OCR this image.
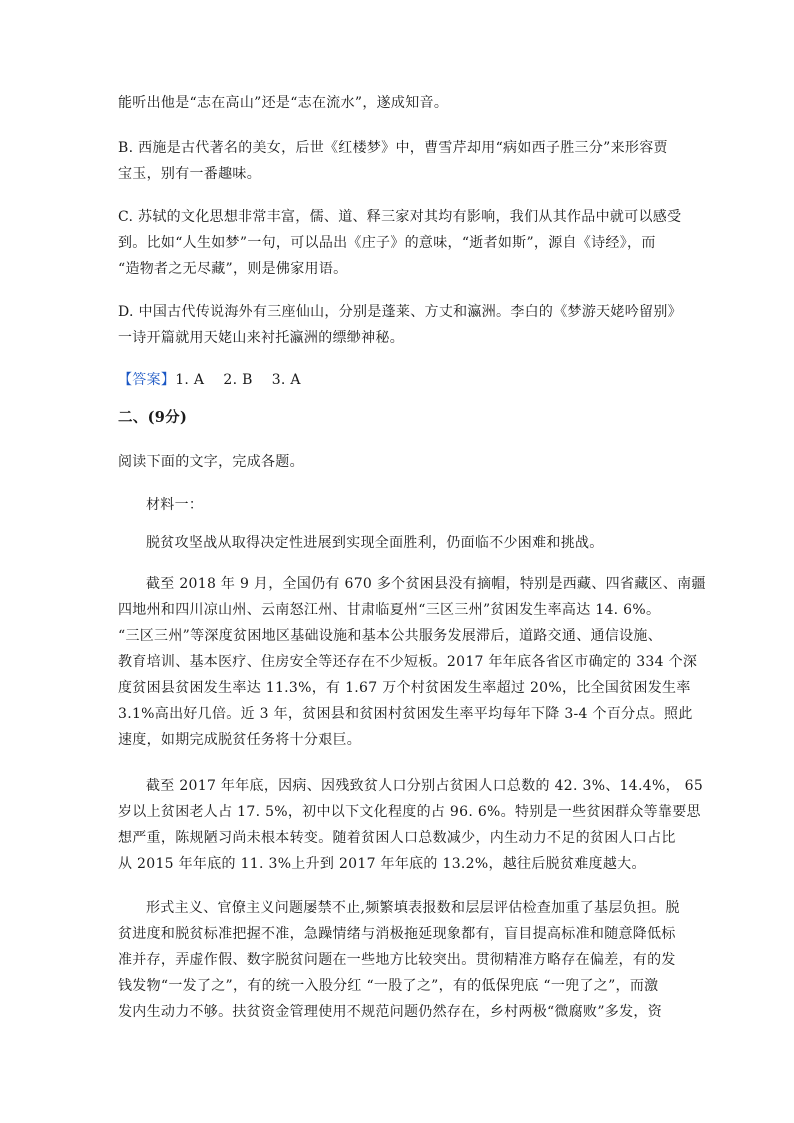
能听出他是“志在高山”还是“志在流水”，遂成知音。
B. 西施是古代著名的美女，后世《红楼梦》中，曹雪芹却用“病如西子胜三分”来形容贾
宝玉，别有一番趣味。
C. 苏轼的文化思想非常丰富，儒、道、释三家对其均有影响，我们从其作品中就可以感受
到。比如“人生如梦”一句，可以品出《庄子》的意味，“逝者如斯”，源自《诗经》，而
“造物者之无尽藏”，则是佛家用语。
D. 中国古代传说海外有三座仙山，分别是蓬莱、方丈和瀛洲。李白的《梦游天姥吟留别》
一诗开篇就用天姥山来衬托瀛洲的缥缈神秘。
【答案】1. A　 2. B　 3. A
二、(9分)
阅读下面的文字，完成各题。
材料一：
脱贫攻坚战从取得决定性进展到实现全面胜利，仍面临不少困难和挑战。
截至 2018 年 9 月，全国仍有 670 多个贫困县没有摘帽，特别是西藏、四省藏区、南疆
四地州和四川凉山州、云南怒江州、甘肃临夏州“三区三州”贫困发生率高达 14. 6%。
“三区三州”等深度贫困地区基础设施和基本公共服务发展滞后，道路交通、通信设施、
教育培训、基本医疗、住房安全等还存在不少短板。2017 年年底各省区市确定的 334 个深
度贫困县贫困发生率达 11.3%，有 1.67 万个村贫困发生率超过 20%，比全国贫困发生率
3.1%高出好几倍。近 3 年，贫困县和贫困村贫困发生率平均每年下降 3-4 个百分点。照此
速度，如期完成脱贫任务将十分艰巨。
截至 2017 年年底，因病、因残致贫人口分别占贫困人口总数的 42. 3%、14.4%， 65
岁以上贫困老人占 17. 5%，初中以下文化程度的占 96. 6%。特别是一些贫困群众等靠要思
想严重，陈规陋习尚未根本转变。随着贫困人口总数减少，内生动力不足的贫困人口占比
从 2015 年年底的 11. 3%上升到 2017 年年底的 13.2%，越往后脱贫难度越大。
形式主义、官僚主义问题屡禁不止,频繁填表报数和层层评估检查加重了基层负担。脱
贫进度和脱贫标准把握不准，急躁情绪与消极拖延现象都有，盲目提高标准和随意降低标
准并存，弄虚作假、数字脱贫问题在一些地方比较突出。贯彻精准方略存在偏差，有的发
钱发物“一发了之”，有的统一入股分红 “一股了之”，有的低保兜底 “一兜了之”，而激
发内生动力不够。扶贫资金管理使用不规范问题仍然存在，乡村两极“微腐败”多发，资
